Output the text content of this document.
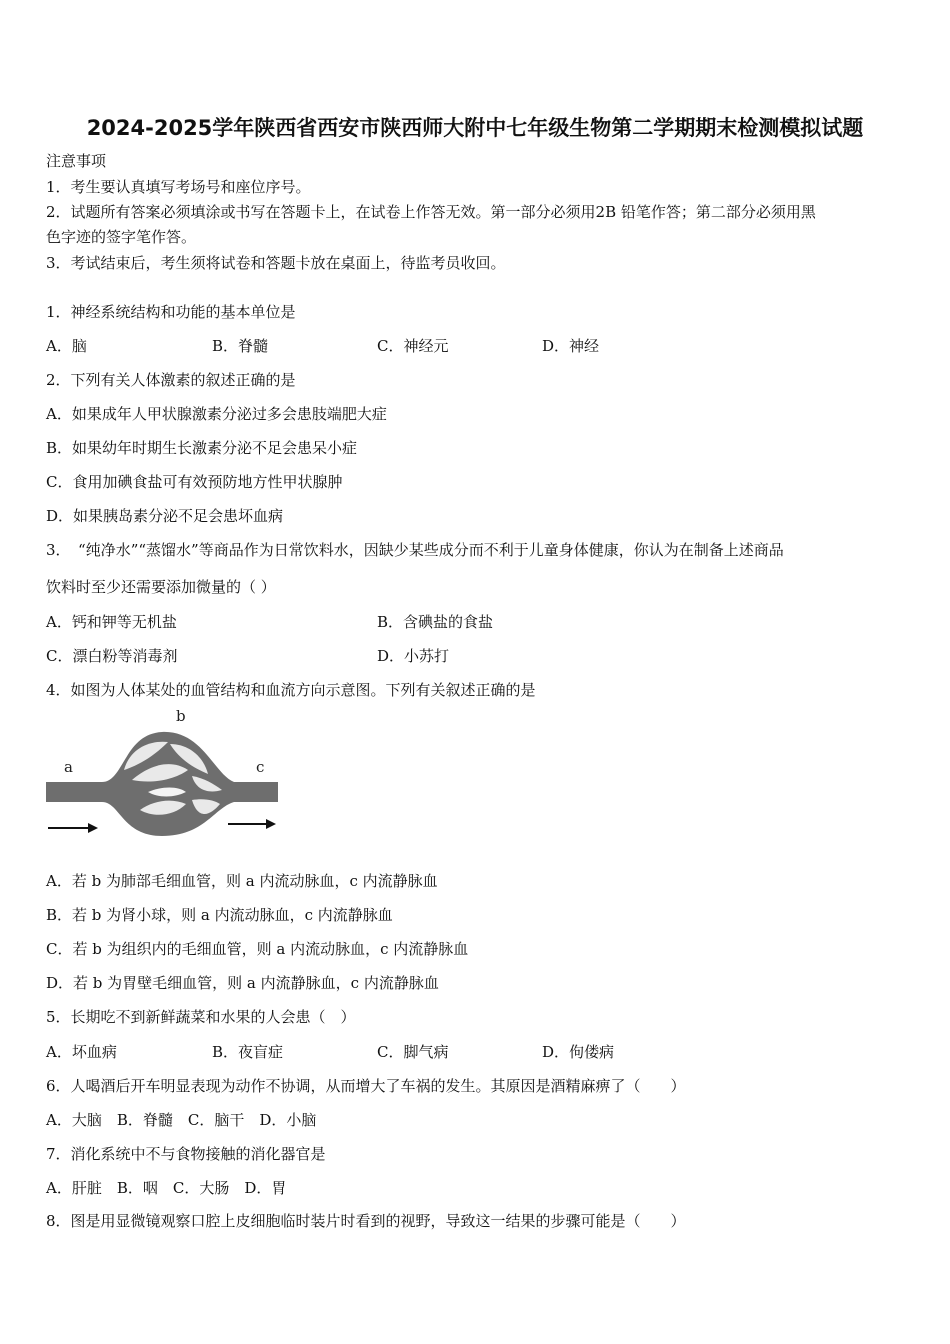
2024-2025学年陕西省西安市陕西师大附中七年级生物第二学期期末检测模拟试题
注意事项
1．考生要认真填写考场号和座位序号。
2．试题所有答案必须填涂或书写在答题卡上，在试卷上作答无效。第一部分必须用2B 铅笔作答；第二部分必须用黑
色字迹的签字笔作答。
3．考试结束后，考生须将试卷和答题卡放在桌面上，待监考员收回。
1．神经系统结构和功能的基本单位是
A．脑	B．脊髓	C．神经元	D．神经
2．下列有关人体激素的叙述正确的是
A．如果成年人甲状腺激素分泌过多会患肢端肥大症
B．如果幼年时期生长激素分泌不足会患呆小症
C．食用加碘食盐可有效预防地方性甲状腺肿
D．如果胰岛素分泌不足会患坏血病
3．　“纯净水”“蒸馏水”等商品作为日常饮料水，因缺少某些成分而不利于儿童身体健康，你认为在制备上述商品
饮料时至少还需要添加微量的（ ）
A．钙和钾等无机盐	B．含碘盐的食盐
C．漂白粉等消毒剂	D．小苏打
4．如图为人体某处的血管结构和血流方向示意图。下列有关叙述正确的是
a
b
c
A．若 b 为肺部毛细血管，则 a 内流动脉血，c 内流静脉血
B．若 b 为肾小球，则 a 内流动脉血，c 内流静脉血
C．若 b 为组织内的毛细血管，则 a 内流动脉血，c 内流静脉血
D．若 b 为胃壁毛细血管，则 a 内流静脉血，c 内流静脉血
5．长期吃不到新鲜蔬菜和水果的人会患（　）
A．坏血病	B．夜盲症	C．脚气病	D．佝偻病
6．人喝酒后开车明显表现为动作不协调，从而增大了车祸的发生。其原因是酒精麻痹了（　　）
A．大脑　B．脊髓　C．脑干　D．小脑
7．消化系统中不与食物接触的消化器官是
A．肝脏　B．咽　C．大肠　D．胃
8．图是用显微镜观察口腔上皮细胞临时装片时看到的视野，导致这一结果的步骤可能是（　　）
